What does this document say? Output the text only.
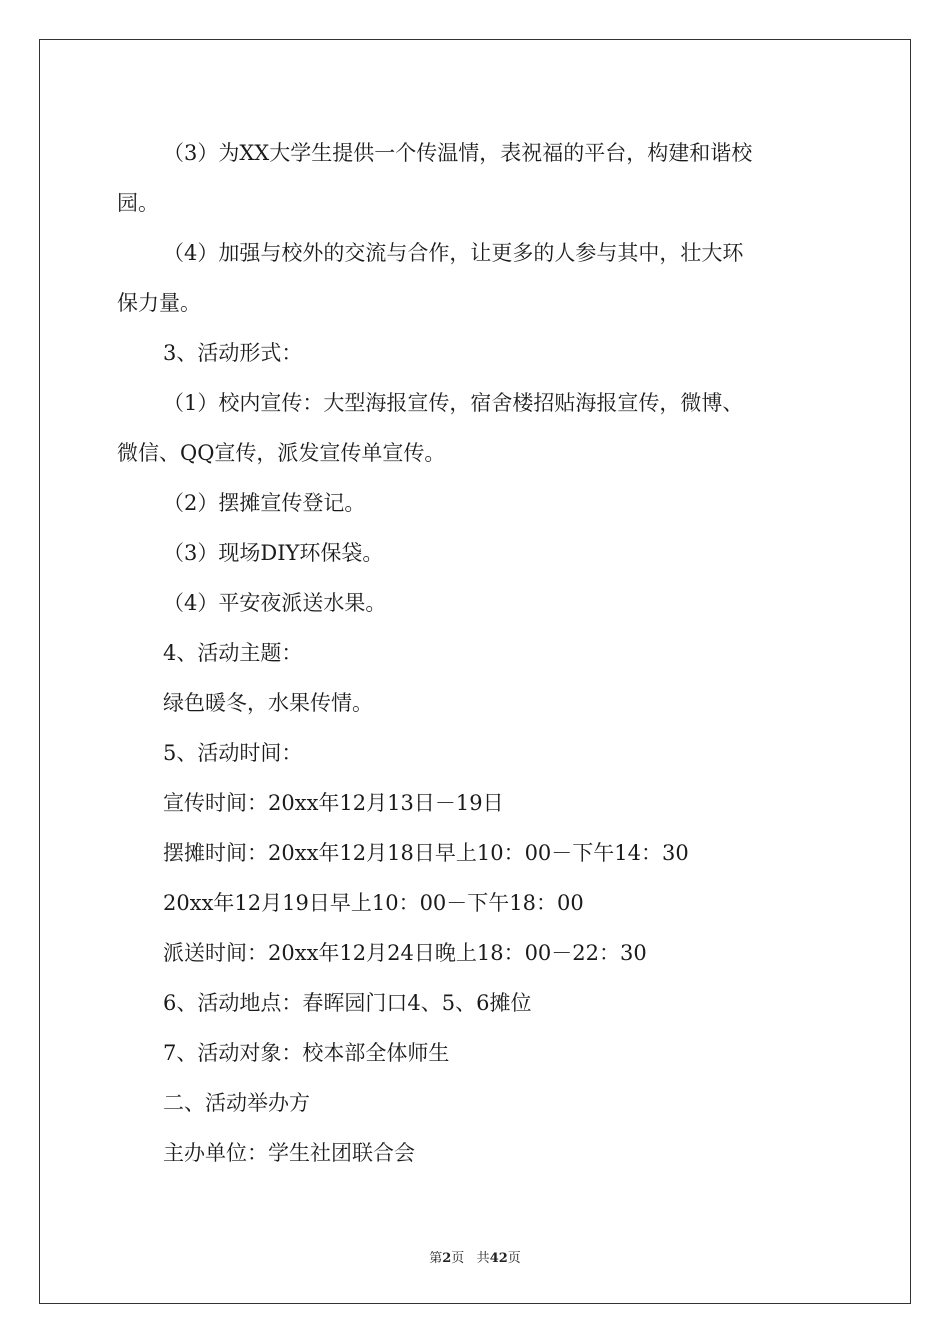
（3）为XX大学生提供一个传温情，表祝福的平台，构建和谐校

园。

（4）加强与校外的交流与合作，让更多的人参与其中，壮大环

保力量。

3、活动形式：

（1）校内宣传：大型海报宣传，宿舍楼招贴海报宣传，微博、

微信、QQ宣传，派发宣传单宣传。

（2）摆摊宣传登记。

（3）现场DIY环保袋。

（4）平安夜派送水果。

4、活动主题：

绿色暖冬，水果传情。

5、活动时间：

宣传时间：20xx年12月13日－19日

摆摊时间：20xx年12月18日早上10：00－下午14：30

20xx年12月19日早上10：00－下午18：00

派送时间：20xx年12月24日晚上18：00－22：30

6、活动地点：春晖园门口4、5、6摊位

7、活动对象：校本部全体师生

二、活动举办方

主办单位：学生社团联合会

第2页 共42页
